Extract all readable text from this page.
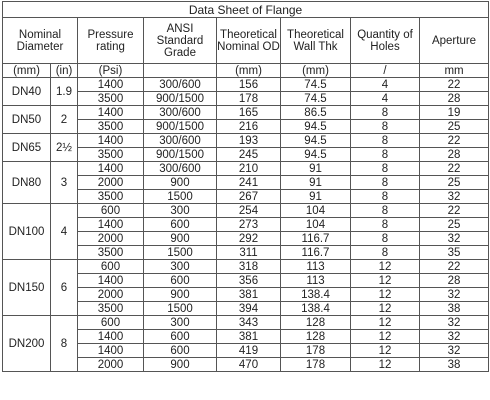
Data Sheet of Flange							
Nominal Diameter		Pressure rating	ANSI Standard Grade	Theoretical Nominal OD	Theoretical Wall Thk	Quantity of Holes	Aperture
(mm)	(in)	(Psi)		(mm)	(mm)	/	mm
DN40	1.9	1400	300/600	156	74.5	4	22
		3500	900/1500	178	74.5	4	28
DN50	2	1400	300/600	165	86.5	8	19
		3500	900/1500	216	94.5	8	25
DN65	2½	1400	300/600	193	94.5	8	22
		3500	900/1500	245	94.5	8	28
DN80	3	1400	300/600	210	91	8	22
		2000	900	241	91	8	25
		3500	1500	267	91	8	32
DN100	4	600	300	254	104	8	22
		1400	600	273	104	8	25
		2000	900	292	116.7	8	32
		3500	1500	311	116.7	8	35
DN150	6	600	300	318	113	12	22
		1400	600	356	113	12	28
		2000	900	381	138.4	12	32
		3500	1500	394	138.4	12	38
DN200	8	600	300	343	128	12	32
		1400	600	381	128	12	32
		1400	600	419	178	12	32
		2000	900	470	178	12	38
